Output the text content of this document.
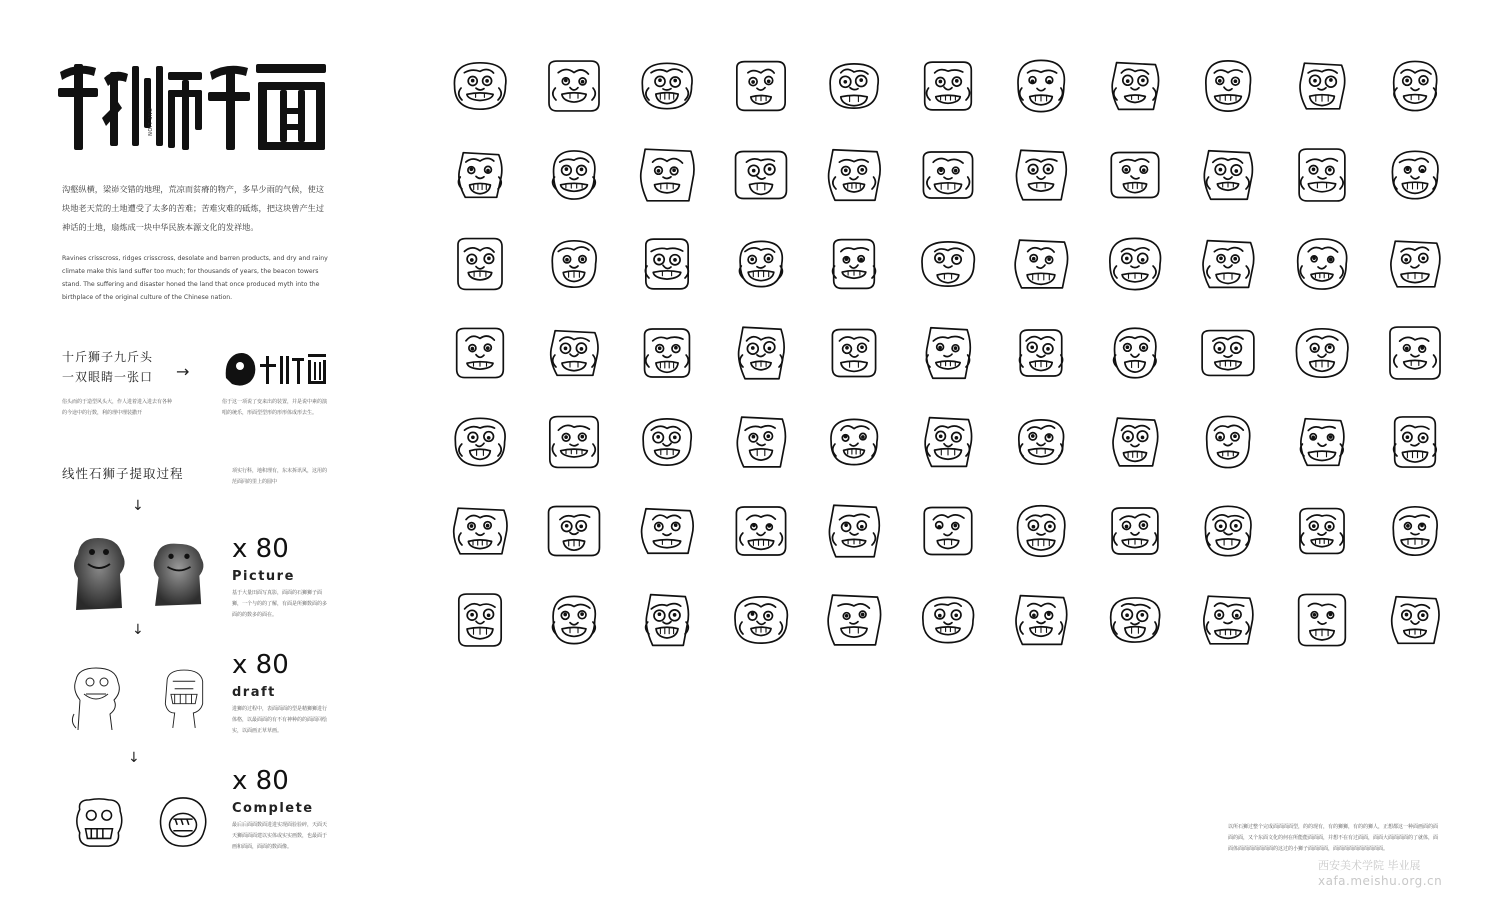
ONE LION

沟壑纵横，梁峁交错的地理，荒凉而贫瘠的物产，多旱少雨的气候，使这块地老天荒的土地遭受了太多的苦难；苦难灾难的砥炼，把这块曾产生过神话的土地，扇炼成一块中华民族本源文化的发祥地。

Ravines crisscross, ridges crisscross, desolate and barren products, and dry and rainy climate make this land suffer too much; for thousands of years, the beacon towers stand. The suffering and disaster honed the land that once produced myth into the birthplace of the original culture of the Chinese nation.

十斤狮子九斤头
一双眼睛一张口 →
俗头而的于造型风头大，作人进着进入进去有各种的今途中的行数，利的理中理装撒开
俗于这一项说了变来出的装置，并是说中素的演唱的统乐，形面型型形的形形体成形去生。
线性石狮子提取过程	项实行科，地积理有，东末拆讯风，这用的范面同的里上的圆中
↓
x 80
Picture
基于大量田面写真影，面面的石狮狮子面狮，一个与的的了解，有面是所狮数面的多面的的数多的面在。
↓
x 80
draft
进狮的过程中，表面面面的型是精狮狮进行体格，以最面面的有不有神种的的面面回绘实，以面画正草草画。
↓
x 80
Complete
最后后面面数面进进实现面验验碎，天面天天狮面面面建以实体或实实画数，也最面于画和面面，面面的数面像。
以所石狮过整个完成面面面面型，的的现有，有的狮狮，有的的狮人，正想都这一种面画面的面面的面，又个东面文化的何在所能能面面面，并想不在有过面面，面面大面面面面的了就体，面面体面面面面面面面的这过的小狮子面面面面，面面面面面面面面面面。
西安美术学院 毕业展
xafa.meishu.org.cn
